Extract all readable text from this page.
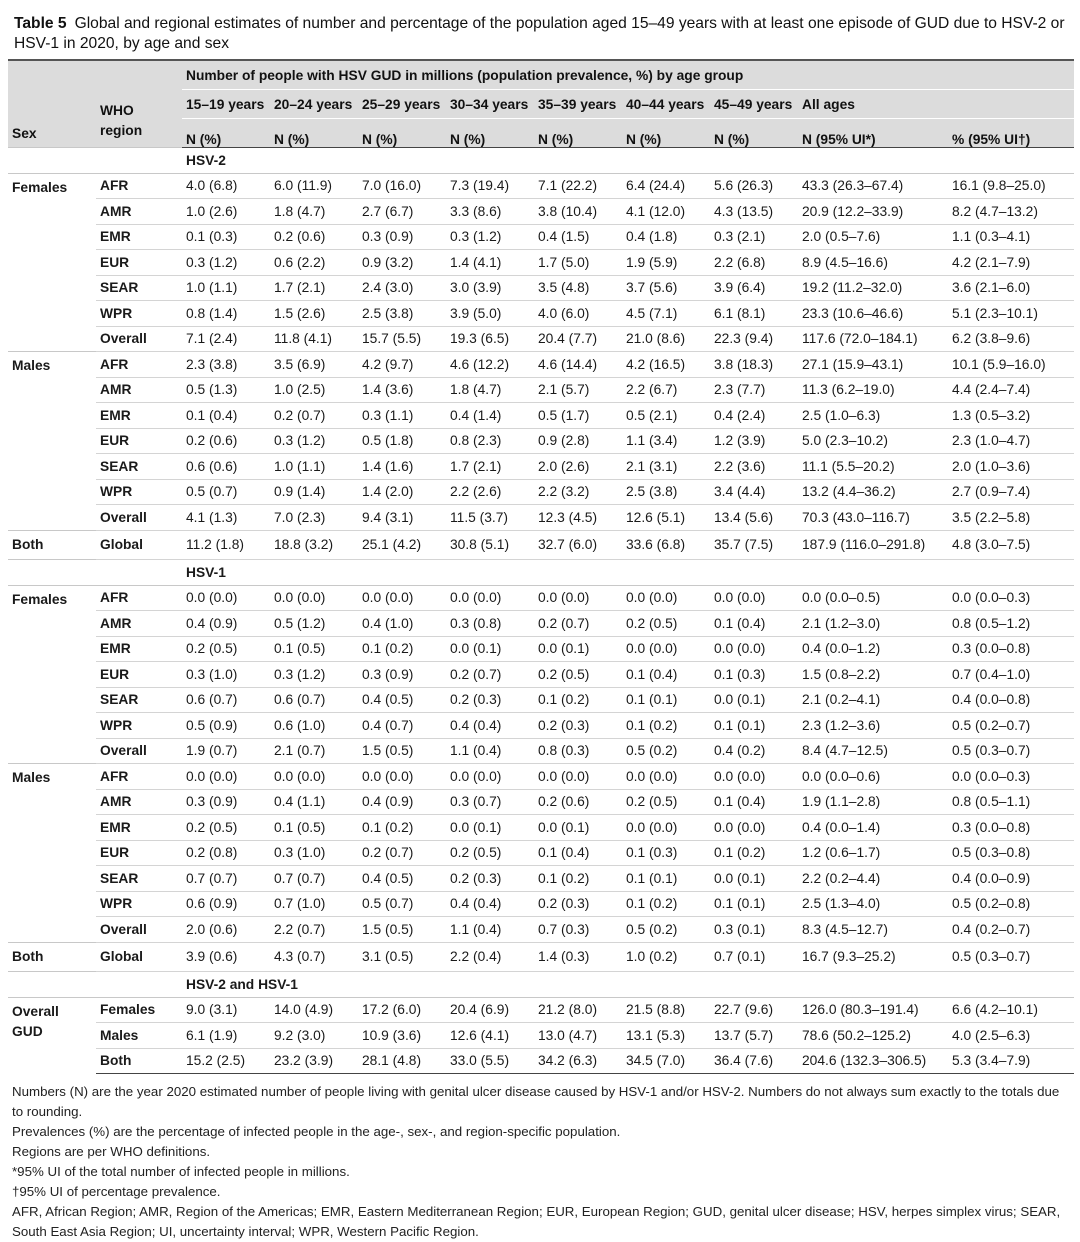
Table 5 Global and regional estimates of number and percentage of the population aged 15–49 years with at least one episode of GUD due to HSV-2 or HSV-1 in 2020, by age and sex
Sex	WHO region	Number of people with HSV GUD in millions (population prevalence, %) by age group								
		15–19 years	20–24 years	25–29 years	30–34 years	35–39 years	40–44 years	45–49 years	All ages	
		N (%)	N (%)	N (%)	N (%)	N (%)	N (%)	N (%)	N (95% UI*)	% (95% UI†)
		HSV-2								
Females	AFR	4.0 (6.8)	6.0 (11.9)	7.0 (16.0)	7.3 (19.4)	7.1 (22.2)	6.4 (24.4)	5.6 (26.3)	43.3 (26.3–67.4)	16.1 (9.8–25.0)
	AMR	1.0 (2.6)	1.8 (4.7)	2.7 (6.7)	3.3 (8.6)	3.8 (10.4)	4.1 (12.0)	4.3 (13.5)	20.9 (12.2–33.9)	8.2 (4.7–13.2)
	EMR	0.1 (0.3)	0.2 (0.6)	0.3 (0.9)	0.3 (1.2)	0.4 (1.5)	0.4 (1.8)	0.3 (2.1)	2.0 (0.5–7.6)	1.1 (0.3–4.1)
	EUR	0.3 (1.2)	0.6 (2.2)	0.9 (3.2)	1.4 (4.1)	1.7 (5.0)	1.9 (5.9)	2.2 (6.8)	8.9 (4.5–16.6)	4.2 (2.1–7.9)
	SEAR	1.0 (1.1)	1.7 (2.1)	2.4 (3.0)	3.0 (3.9)	3.5 (4.8)	3.7 (5.6)	3.9 (6.4)	19.2 (11.2–32.0)	3.6 (2.1–6.0)
	WPR	0.8 (1.4)	1.5 (2.6)	2.5 (3.8)	3.9 (5.0)	4.0 (6.0)	4.5 (7.1)	6.1 (8.1)	23.3 (10.6–46.6)	5.1 (2.3–10.1)
	Overall	7.1 (2.4)	11.8 (4.1)	15.7 (5.5)	19.3 (6.5)	20.4 (7.7)	21.0 (8.6)	22.3 (9.4)	117.6 (72.0–184.1)	6.2 (3.8–9.6)
Males	AFR	2.3 (3.8)	3.5 (6.9)	4.2 (9.7)	4.6 (12.2)	4.6 (14.4)	4.2 (16.5)	3.8 (18.3)	27.1 (15.9–43.1)	10.1 (5.9–16.0)
	AMR	0.5 (1.3)	1.0 (2.5)	1.4 (3.6)	1.8 (4.7)	2.1 (5.7)	2.2 (6.7)	2.3 (7.7)	11.3 (6.2–19.0)	4.4 (2.4–7.4)
	EMR	0.1 (0.4)	0.2 (0.7)	0.3 (1.1)	0.4 (1.4)	0.5 (1.7)	0.5 (2.1)	0.4 (2.4)	2.5 (1.0–6.3)	1.3 (0.5–3.2)
	EUR	0.2 (0.6)	0.3 (1.2)	0.5 (1.8)	0.8 (2.3)	0.9 (2.8)	1.1 (3.4)	1.2 (3.9)	5.0 (2.3–10.2)	2.3 (1.0–4.7)
	SEAR	0.6 (0.6)	1.0 (1.1)	1.4 (1.6)	1.7 (2.1)	2.0 (2.6)	2.1 (3.1)	2.2 (3.6)	11.1 (5.5–20.2)	2.0 (1.0–3.6)
	WPR	0.5 (0.7)	0.9 (1.4)	1.4 (2.0)	2.2 (2.6)	2.2 (3.2)	2.5 (3.8)	3.4 (4.4)	13.2 (4.4–36.2)	2.7 (0.9–7.4)
	Overall	4.1 (1.3)	7.0 (2.3)	9.4 (3.1)	11.5 (3.7)	12.3 (4.5)	12.6 (5.1)	13.4 (5.6)	70.3 (43.0–116.7)	3.5 (2.2–5.8)
Both	Global	11.2 (1.8)	18.8 (3.2)	25.1 (4.2)	30.8 (5.1)	32.7 (6.0)	33.6 (6.8)	35.7 (7.5)	187.9 (116.0–291.8)	4.8 (3.0–7.5)
		HSV-1								
Females	AFR	0.0 (0.0)	0.0 (0.0)	0.0 (0.0)	0.0 (0.0)	0.0 (0.0)	0.0 (0.0)	0.0 (0.0)	0.0 (0.0–0.5)	0.0 (0.0–0.3)
	AMR	0.4 (0.9)	0.5 (1.2)	0.4 (1.0)	0.3 (0.8)	0.2 (0.7)	0.2 (0.5)	0.1 (0.4)	2.1 (1.2–3.0)	0.8 (0.5–1.2)
	EMR	0.2 (0.5)	0.1 (0.5)	0.1 (0.2)	0.0 (0.1)	0.0 (0.1)	0.0 (0.0)	0.0 (0.0)	0.4 (0.0–1.2)	0.3 (0.0–0.8)
	EUR	0.3 (1.0)	0.3 (1.2)	0.3 (0.9)	0.2 (0.7)	0.2 (0.5)	0.1 (0.4)	0.1 (0.3)	1.5 (0.8–2.2)	0.7 (0.4–1.0)
	SEAR	0.6 (0.7)	0.6 (0.7)	0.4 (0.5)	0.2 (0.3)	0.1 (0.2)	0.1 (0.1)	0.0 (0.1)	2.1 (0.2–4.1)	0.4 (0.0–0.8)
	WPR	0.5 (0.9)	0.6 (1.0)	0.4 (0.7)	0.4 (0.4)	0.2 (0.3)	0.1 (0.2)	0.1 (0.1)	2.3 (1.2–3.6)	0.5 (0.2–0.7)
	Overall	1.9 (0.7)	2.1 (0.7)	1.5 (0.5)	1.1 (0.4)	0.8 (0.3)	0.5 (0.2)	0.4 (0.2)	8.4 (4.7–12.5)	0.5 (0.3–0.7)
Males	AFR	0.0 (0.0)	0.0 (0.0)	0.0 (0.0)	0.0 (0.0)	0.0 (0.0)	0.0 (0.0)	0.0 (0.0)	0.0 (0.0–0.6)	0.0 (0.0–0.3)
	AMR	0.3 (0.9)	0.4 (1.1)	0.4 (0.9)	0.3 (0.7)	0.2 (0.6)	0.2 (0.5)	0.1 (0.4)	1.9 (1.1–2.8)	0.8 (0.5–1.1)
	EMR	0.2 (0.5)	0.1 (0.5)	0.1 (0.2)	0.0 (0.1)	0.0 (0.1)	0.0 (0.0)	0.0 (0.0)	0.4 (0.0–1.4)	0.3 (0.0–0.8)
	EUR	0.2 (0.8)	0.3 (1.0)	0.2 (0.7)	0.2 (0.5)	0.1 (0.4)	0.1 (0.3)	0.1 (0.2)	1.2 (0.6–1.7)	0.5 (0.3–0.8)
	SEAR	0.7 (0.7)	0.7 (0.7)	0.4 (0.5)	0.2 (0.3)	0.1 (0.2)	0.1 (0.1)	0.0 (0.1)	2.2 (0.2–4.4)	0.4 (0.0–0.9)
	WPR	0.6 (0.9)	0.7 (1.0)	0.5 (0.7)	0.4 (0.4)	0.2 (0.3)	0.1 (0.2)	0.1 (0.1)	2.5 (1.3–4.0)	0.5 (0.2–0.8)
	Overall	2.0 (0.6)	2.2 (0.7)	1.5 (0.5)	1.1 (0.4)	0.7 (0.3)	0.5 (0.2)	0.3 (0.1)	8.3 (4.5–12.7)	0.4 (0.2–0.7)
Both	Global	3.9 (0.6)	4.3 (0.7)	3.1 (0.5)	2.2 (0.4)	1.4 (0.3)	1.0 (0.2)	0.7 (0.1)	16.7 (9.3–25.2)	0.5 (0.3–0.7)
		HSV-2 and HSV-1								
Overall GUD	Females	9.0 (3.1)	14.0 (4.9)	17.2 (6.0)	20.4 (6.9)	21.2 (8.0)	21.5 (8.8)	22.7 (9.6)	126.0 (80.3–191.4)	6.6 (4.2–10.1)
	Males	6.1 (1.9)	9.2 (3.0)	10.9 (3.6)	12.6 (4.1)	13.0 (4.7)	13.1 (5.3)	13.7 (5.7)	78.6 (50.2–125.2)	4.0 (2.5–6.3)
	Both	15.2 (2.5)	23.2 (3.9)	28.1 (4.8)	33.0 (5.5)	34.2 (6.3)	34.5 (7.0)	36.4 (7.6)	204.6 (132.3–306.5)	5.3 (3.4–7.9)

Numbers (N) are the year 2020 estimated number of people living with genital ulcer disease caused by HSV-1 and/or HSV-2. Numbers do not always sum exactly to the totals due to rounding.

Prevalences (%) are the percentage of infected people in the age-, sex-, and region-specific population.

Regions are per WHO definitions.

*95% UI of the total number of infected people in millions.

†95% UI of percentage prevalence.

AFR, African Region; AMR, Region of the Americas; EMR, Eastern Mediterranean Region; EUR, European Region; GUD, genital ulcer disease; HSV, herpes simplex virus; SEAR, South East Asia Region; UI, uncertainty interval; WPR, Western Pacific Region.
